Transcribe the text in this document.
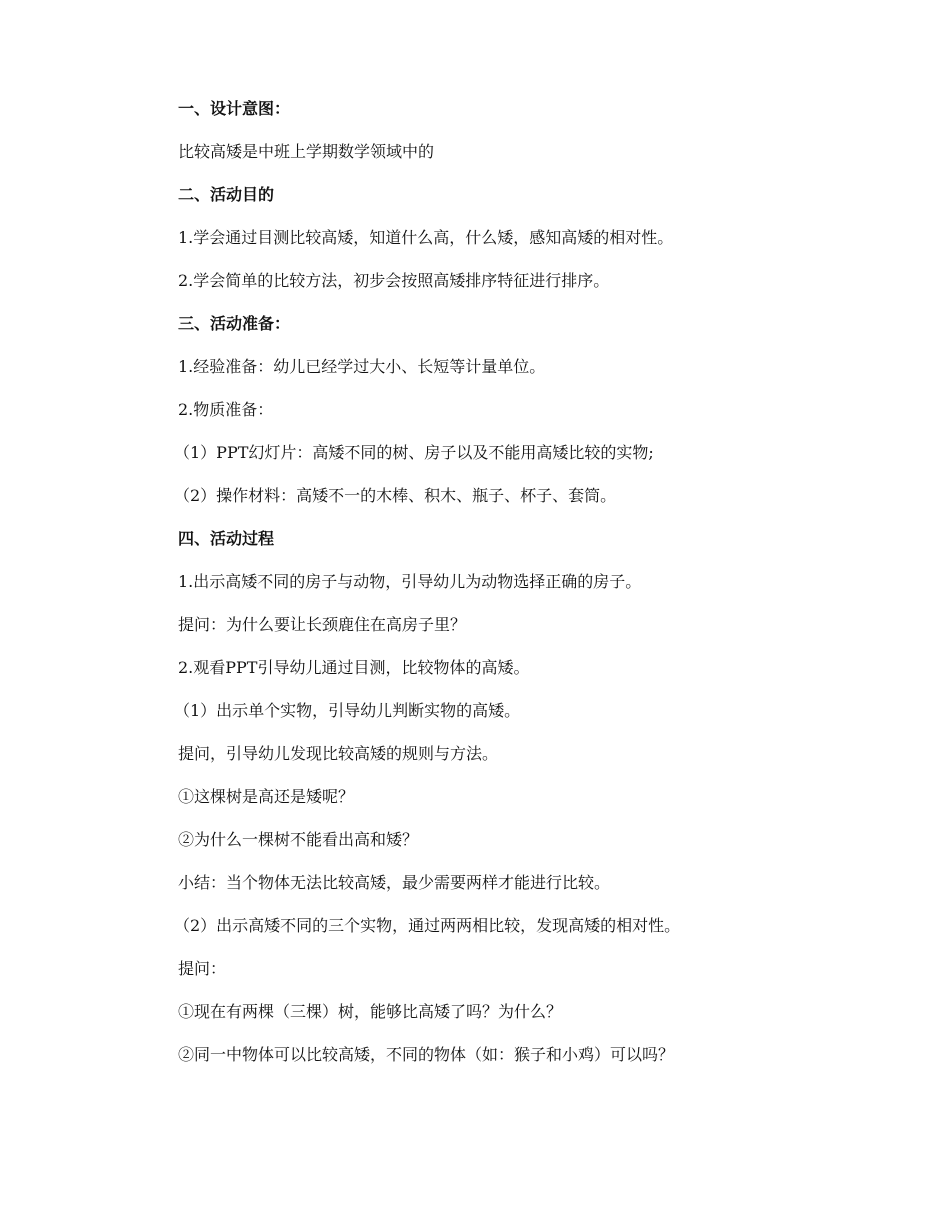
一、设计意图：
比较高矮是中班上学期数学领域中的
二、活动目的
1.学会通过目测比较高矮，知道什么高，什么矮，感知高矮的相对性。
2.学会简单的比较方法，初步会按照高矮排序特征进行排序。
三、活动准备：
1.经验准备：幼儿已经学过大小、长短等计量单位。
2.物质准备：
（1）PPT幻灯片：高矮不同的树、房子以及不能用高矮比较的实物;
（2）操作材料：高矮不一的木棒、积木、瓶子、杯子、套筒。
四、活动过程
1.出示高矮不同的房子与动物，引导幼儿为动物选择正确的房子。
提问：为什么要让长颈鹿住在高房子里？
2.观看PPT引导幼儿通过目测，比较物体的高矮。
（1）出示单个实物，引导幼儿判断实物的高矮。
提问，引导幼儿发现比较高矮的规则与方法。
①这棵树是高还是矮呢？
②为什么一棵树不能看出高和矮？
小结：当个物体无法比较高矮，最少需要两样才能进行比较。
（2）出示高矮不同的三个实物，通过两两相比较，发现高矮的相对性。
提问：
①现在有两棵（三棵）树，能够比高矮了吗？为什么？
②同一中物体可以比较高矮，不同的物体（如：猴子和小鸡）可以吗？
